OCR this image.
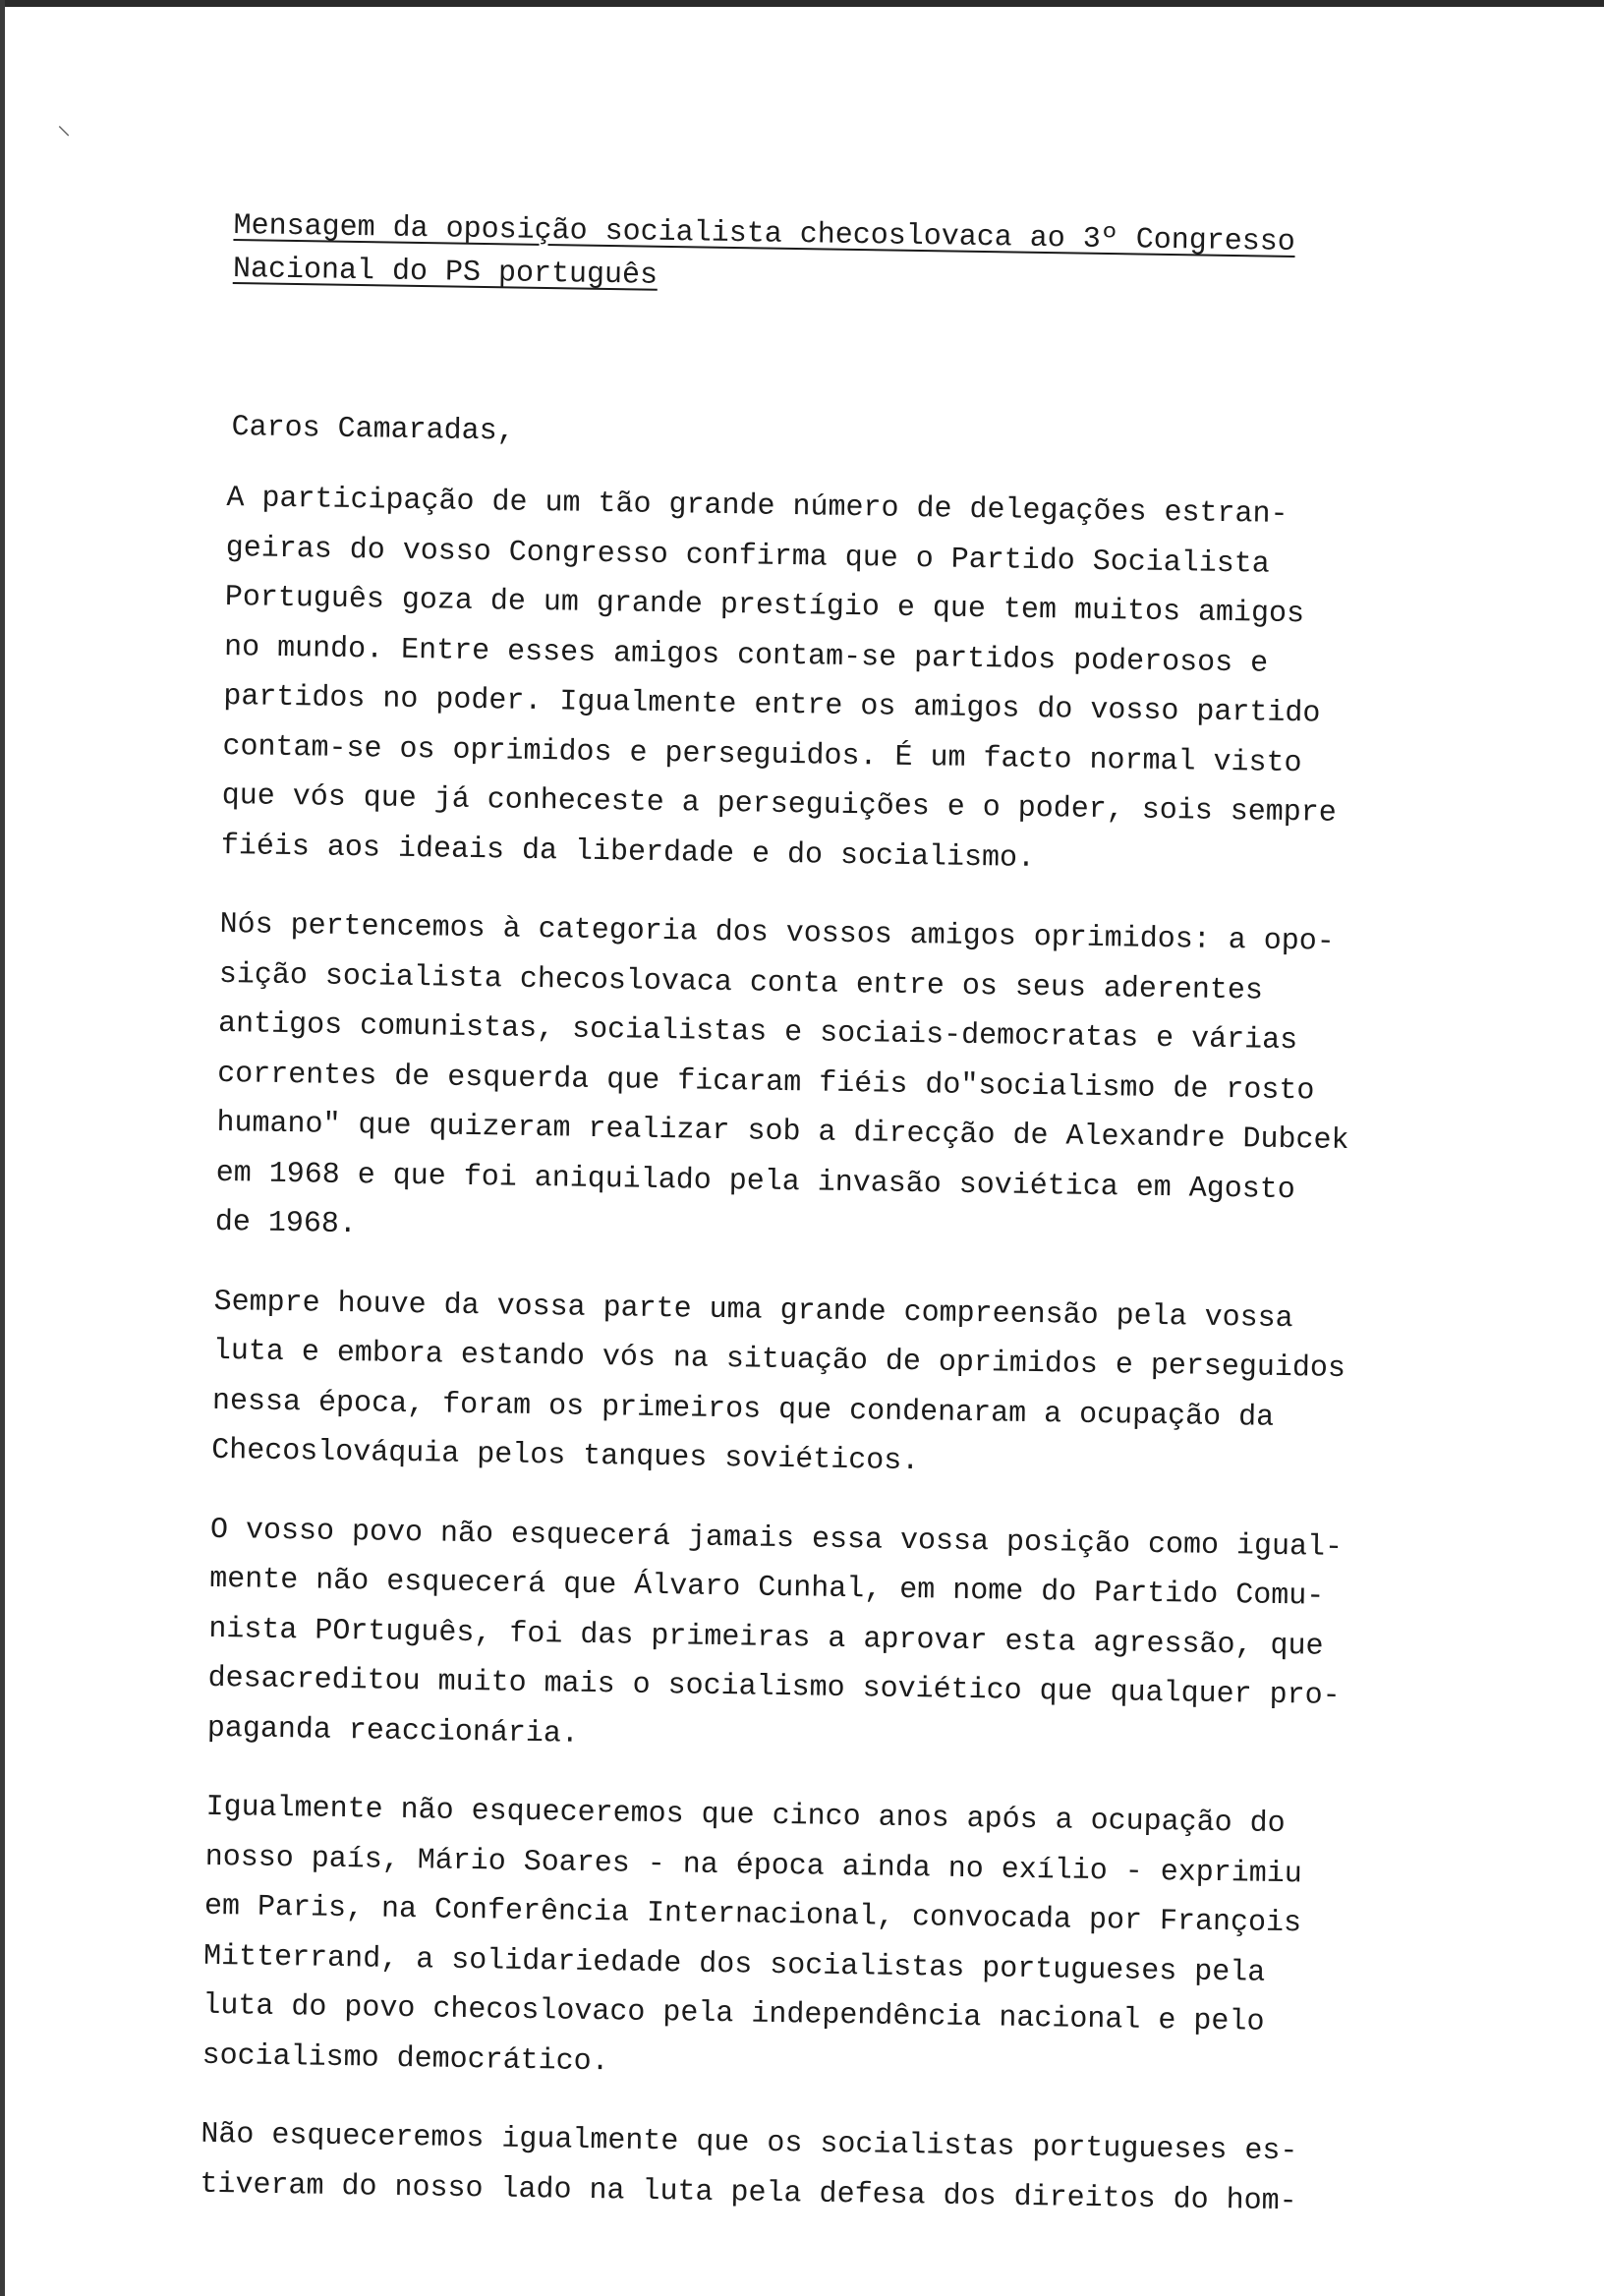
⸌
Mensagem da oposição socialista checoslovaca ao 3º Congresso
Nacional do PS português
Caros Camaradas,
A participação de um tão grande número de delegações estran-
geiras do vosso Congresso confirma que o Partido Socialista
Português goza de um grande prestígio e que tem muitos amigos
no mundo. Entre esses amigos contam-se partidos poderosos e
partidos no poder. Igualmente entre os amigos do vosso partido
contam-se os oprimidos e perseguidos. É um facto normal visto
que vós que já conheceste a perseguições e o poder, sois sempre
fiéis aos ideais da liberdade e do socialismo.
Nós pertencemos à categoria dos vossos amigos oprimidos: a opo-
sição socialista checoslovaca conta entre os seus aderentes
antigos comunistas, socialistas e sociais-democratas e várias
correntes de esquerda que ficaram fiéis do"socialismo de rosto
humano" que quizeram realizar sob a direcção de Alexandre Dubcek
em 1968 e que foi aniquilado pela invasão soviética em Agosto
de 1968.
Sempre houve da vossa parte uma grande compreensão pela vossa
luta e embora estando vós na situação de oprimidos e perseguidos
nessa época, foram os primeiros que condenaram a ocupação da
Checoslováquia pelos tanques soviéticos.
O vosso povo não esquecerá jamais essa vossa posição como igual-
mente não esquecerá que Álvaro Cunhal, em nome do Partido Comu-
nista POrtuguês, foi das primeiras a aprovar esta agressão, que
desacreditou muito mais o socialismo soviético que qualquer pro-
paganda reaccionária.
Igualmente não esqueceremos que cinco anos após a ocupação do
nosso país, Mário Soares - na época ainda no exílio - exprimiu
em Paris, na Conferência Internacional, convocada por François
Mitterrand, a solidariedade dos socialistas portugueses pela
luta do povo checoslovaco pela independência nacional e pelo
socialismo democrático.
Não esqueceremos igualmente que os socialistas portugueses es-
tiveram do nosso lado na luta pela defesa dos direitos do hom-
